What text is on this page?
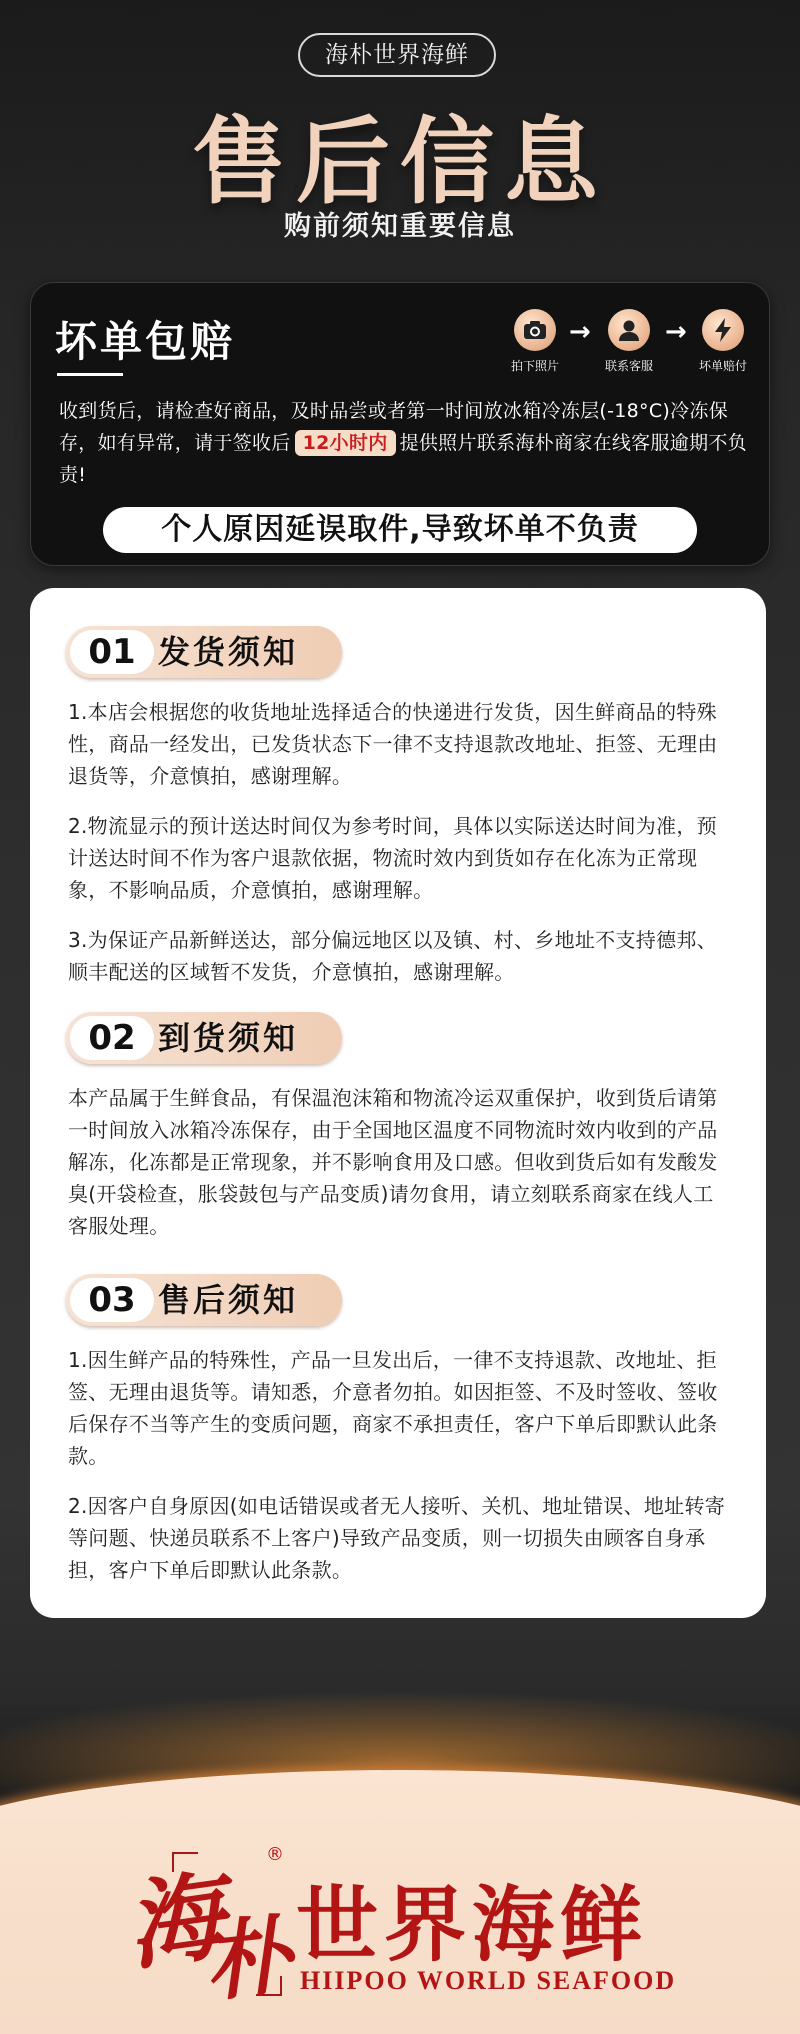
海朴世界海鲜
售后信息
购前须知重要信息
坏单包赔	拍下照片
→
联系客服
→
坏单赔付
收到货后，请检查好商品，及时品尝或者第一时间放冰箱冷冻层(-18°C)冷冻保存，如有异常，请于签收后 12小时内 提供照片联系海朴商家在线客服逾期不负责!
个人原因延误取件,导致坏单不负责
01 发货须知
1.本店会根据您的收货地址选择适合的快递进行发货，因生鲜商品的特殊性，商品一经发出，已发货状态下一律不支持退款改地址、拒签、无理由退货等，介意慎拍，感谢理解。
2.物流显示的预计送达时间仅为参考时间，具体以实际送达时间为准，预计送达时间不作为客户退款依据，物流时效内到货如存在化冻为正常现象，不影响品质，介意慎拍，感谢理解。
3.为保证产品新鲜送达，部分偏远地区以及镇、村、乡地址不支持德邦、顺丰配送的区域暂不发货，介意慎拍，感谢理解。
02 到货须知
本产品属于生鲜食品，有保温泡沫箱和物流冷运双重保护，收到货后请第一时间放入冰箱冷冻保存，由于全国地区温度不同物流时效内收到的产品解冻，化冻都是正常现象，并不影响食用及口感。但收到货后如有发酸发臭(开袋检查，胀袋鼓包与产品变质)请勿食用，请立刻联系商家在线人工客服处理。
03 售后须知
1.因生鲜产品的特殊性，产品一旦发出后，一律不支持退款、改地址、拒签、无理由退货等。请知悉，介意者勿拍。如因拒签、不及时签收、签收后保存不当等产生的变质问题，商家不承担责任，客户下单后即默认此条款。
2.因客户自身原因(如电话错误或者无人接听、关机、地址错误、地址转寄等问题、快递员联系不上客户)导致产品变质，则一切损失由顾客自身承担，客户下单后即默认此条款。
海
朴
®
世界海鲜
HIIPOO WORLD SEAFOOD
